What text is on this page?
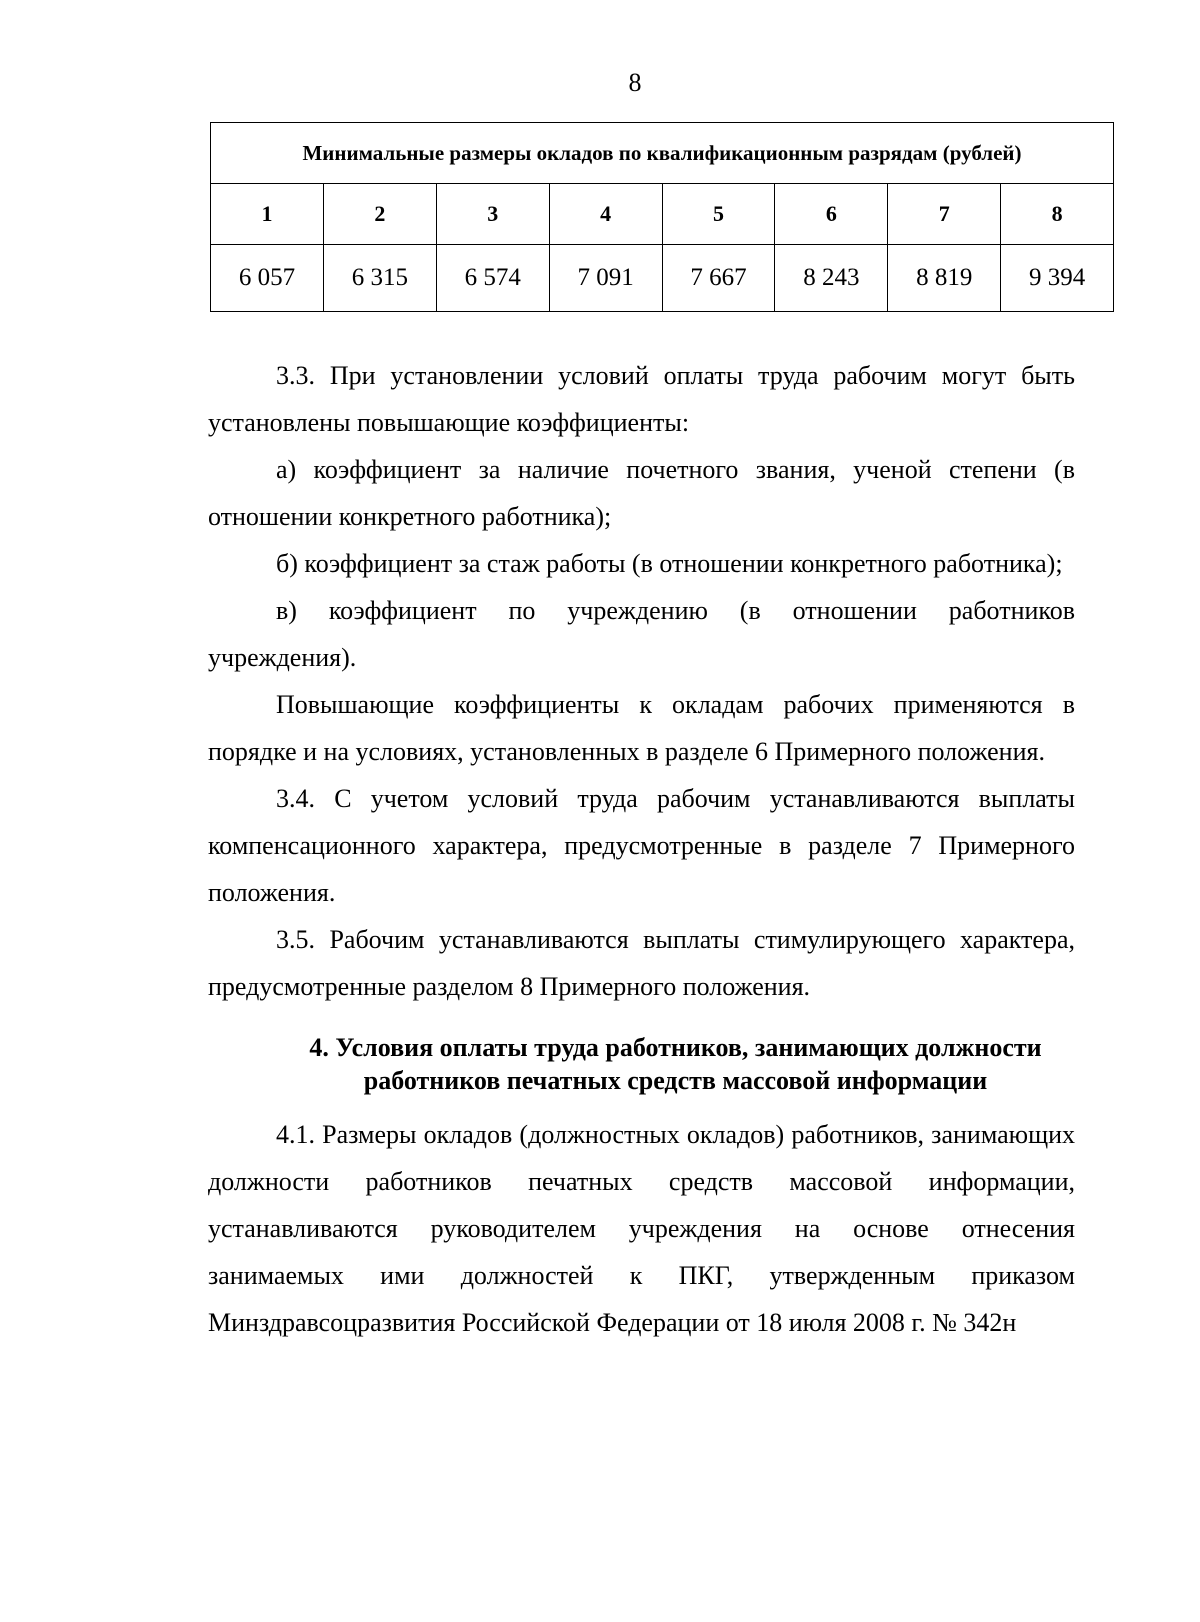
8
Минимальные размеры окладов по квалификационным разрядам (рублей)							
1	2	3	4	5	6	7	8
6 057	6 315	6 574	7 091	7 667	8 243	8 819	9 394

3.3. При установлении условий оплаты труда рабочим могут быть установлены повышающие коэффициенты:

а) коэффициент за наличие почетного звания, ученой степени (в отношении конкретного работника);

б) коэффициент за стаж работы (в отношении конкретного работника);

в) коэффициент по учреждению (в отношении работников учреждения).

Повышающие коэффициенты к окладам рабочих применяются в порядке и на условиях, установленных в разделе 6 Примерного положения.

3.4. С учетом условий труда рабочим устанавливаются выплаты компенсационного характера, предусмотренные в разделе 7 Примерного положения.

3.5. Рабочим устанавливаются выплаты стимулирующего характера, предусмотренные разделом 8 Примерного положения.

4. Условия оплаты труда работников, занимающих должности
работников печатных средств массовой информации

4.1. Размеры окладов (должностных окладов) работников, занимающих должности работников печатных средств массовой информации, устанавливаются руководителем учреждения на основе отнесения занимаемых ими должностей к ПКГ, утвержденным приказом Минздравсоцразвития Российской Федерации от 18 июля 2008 г. № 342н
